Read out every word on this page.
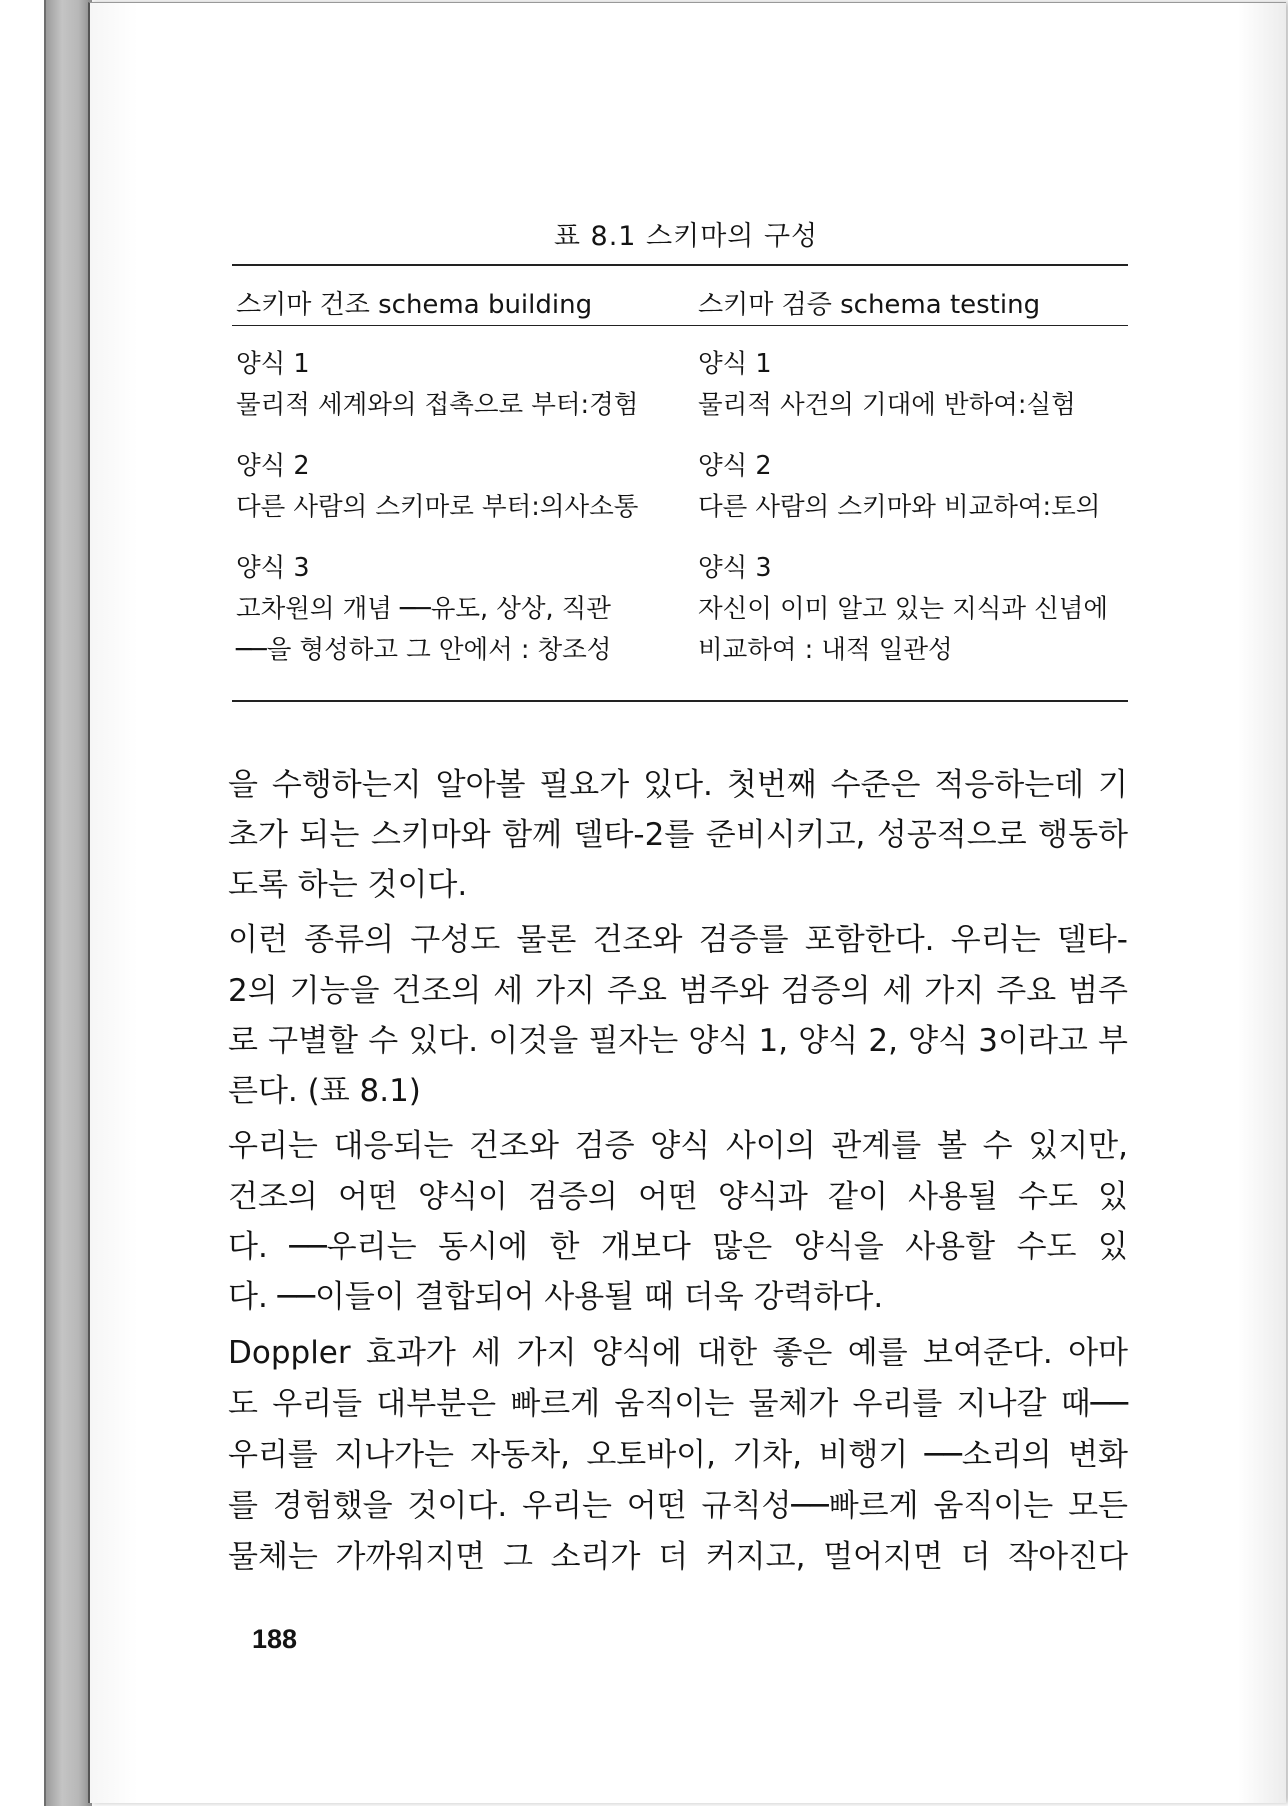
표 8.1 스키마의 구성
스키마 건조 schema building	스키마 검증 schema testing
양식 1
물리적 세계와의 접촉으로 부터:경험
양식 1
물리적 사건의 기대에 반하여:실험
양식 2
다른 사람의 스키마로 부터:의사소통
양식 2
다른 사람의 스키마와 비교하여:토의
양식 3
고차원의 개념 ──유도, 상상, 직관
──을 형성하고 그 안에서 : 창조성
양식 3
자신이 이미 알고 있는 지식과 신념에
비교하여 : 내적 일관성
을 수행하는지 알아볼 필요가 있다. 첫번째 수준은 적응하는데 기
초가 되는 스키마와 함께 델타-2를 준비시키고, 성공적으로 행동하
도록 하는 것이다.
이런 종류의 구성도 물론 건조와 검증를 포함한다. 우리는 델타-
2의 기능을 건조의 세 가지 주요 범주와 검증의 세 가지 주요 범주
로 구별할 수 있다. 이것을 필자는 양식 1, 양식 2, 양식 3이라고 부
른다. (표 8.1)
우리는 대응되는 건조와 검증 양식 사이의 관계를 볼 수 있지만,
건조의 어떤 양식이 검증의 어떤 양식과 같이 사용될 수도 있
다. ──우리는 동시에 한 개보다 많은 양식을 사용할 수도 있
다. ──이들이 결합되어 사용될 때 더욱 강력하다.
Doppler 효과가 세 가지 양식에 대한 좋은 예를 보여준다. 아마
도 우리들 대부분은 빠르게 움직이는 물체가 우리를 지나갈 때──
우리를 지나가는 자동차, 오토바이, 기차, 비행기 ──소리의 변화
를 경험했을 것이다. 우리는 어떤 규칙성──빠르게 움직이는 모든
물체는 가까워지면 그 소리가 더 커지고, 멀어지면 더 작아진다
188
